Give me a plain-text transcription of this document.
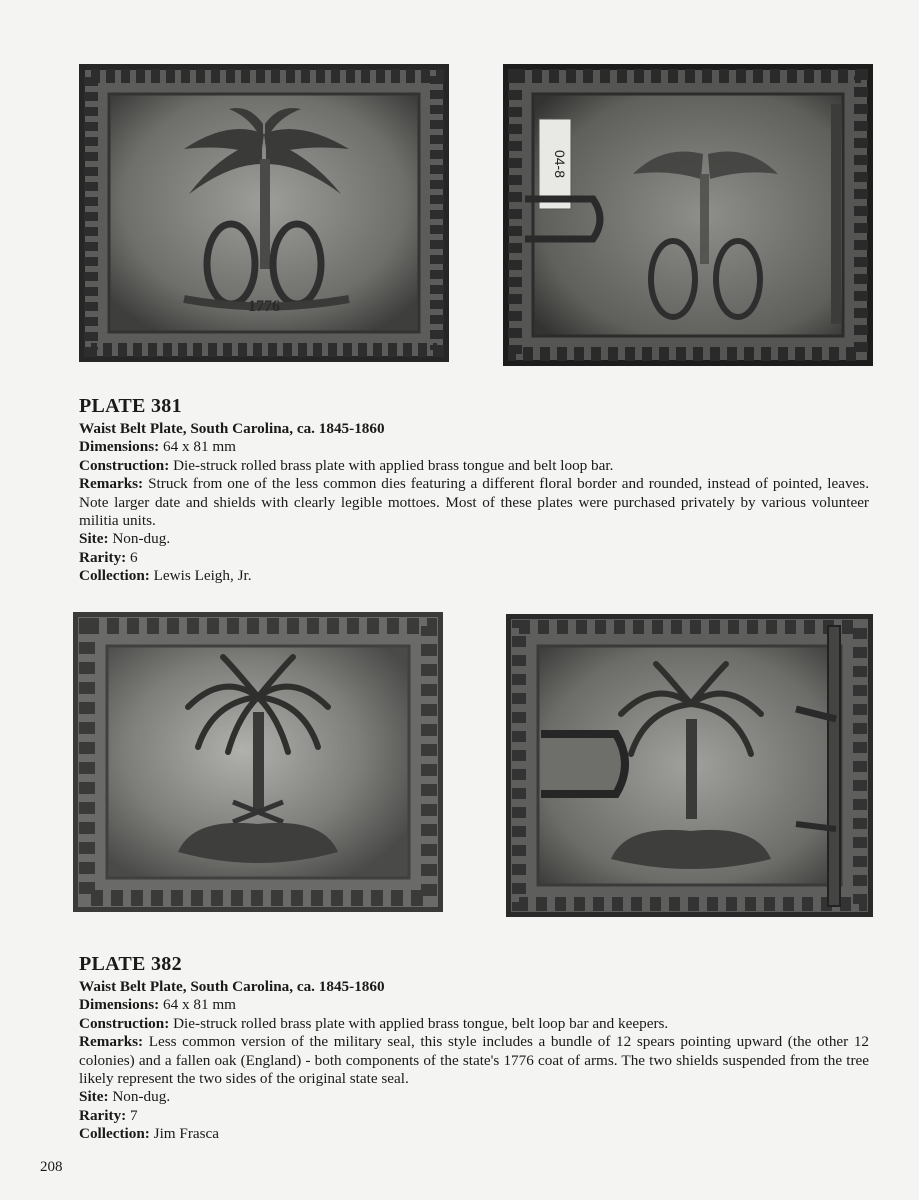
1776
04-8

PLATE 381

Waist Belt Plate, South Carolina, ca. 1845-1860

Dimensions: 64 x 81 mm

Construction: Die-struck rolled brass plate with applied brass tongue and belt loop bar.

Remarks: Struck from one of the less common dies featuring a different floral border and rounded, instead of pointed, leaves. Note larger date and shields with clearly legible mottoes. Most of these plates were purchased privately by various volunteer militia units.

Site: Non-dug.

Rarity: 6

Collection: Lewis Leigh, Jr.

PLATE 382

Waist Belt Plate, South Carolina, ca. 1845-1860

Dimensions: 64 x 81 mm

Construction: Die-struck rolled brass plate with applied brass tongue, belt loop bar and keepers.

Remarks: Less common version of the military seal, this style includes a bundle of 12 spears pointing upward (the other 12 colonies) and a fallen oak (England) - both components of the state's 1776 coat of arms. The two shields suspended from the tree likely represent the two sides of the original state seal.

Site: Non-dug.

Rarity: 7

Collection: Jim Frasca

208
